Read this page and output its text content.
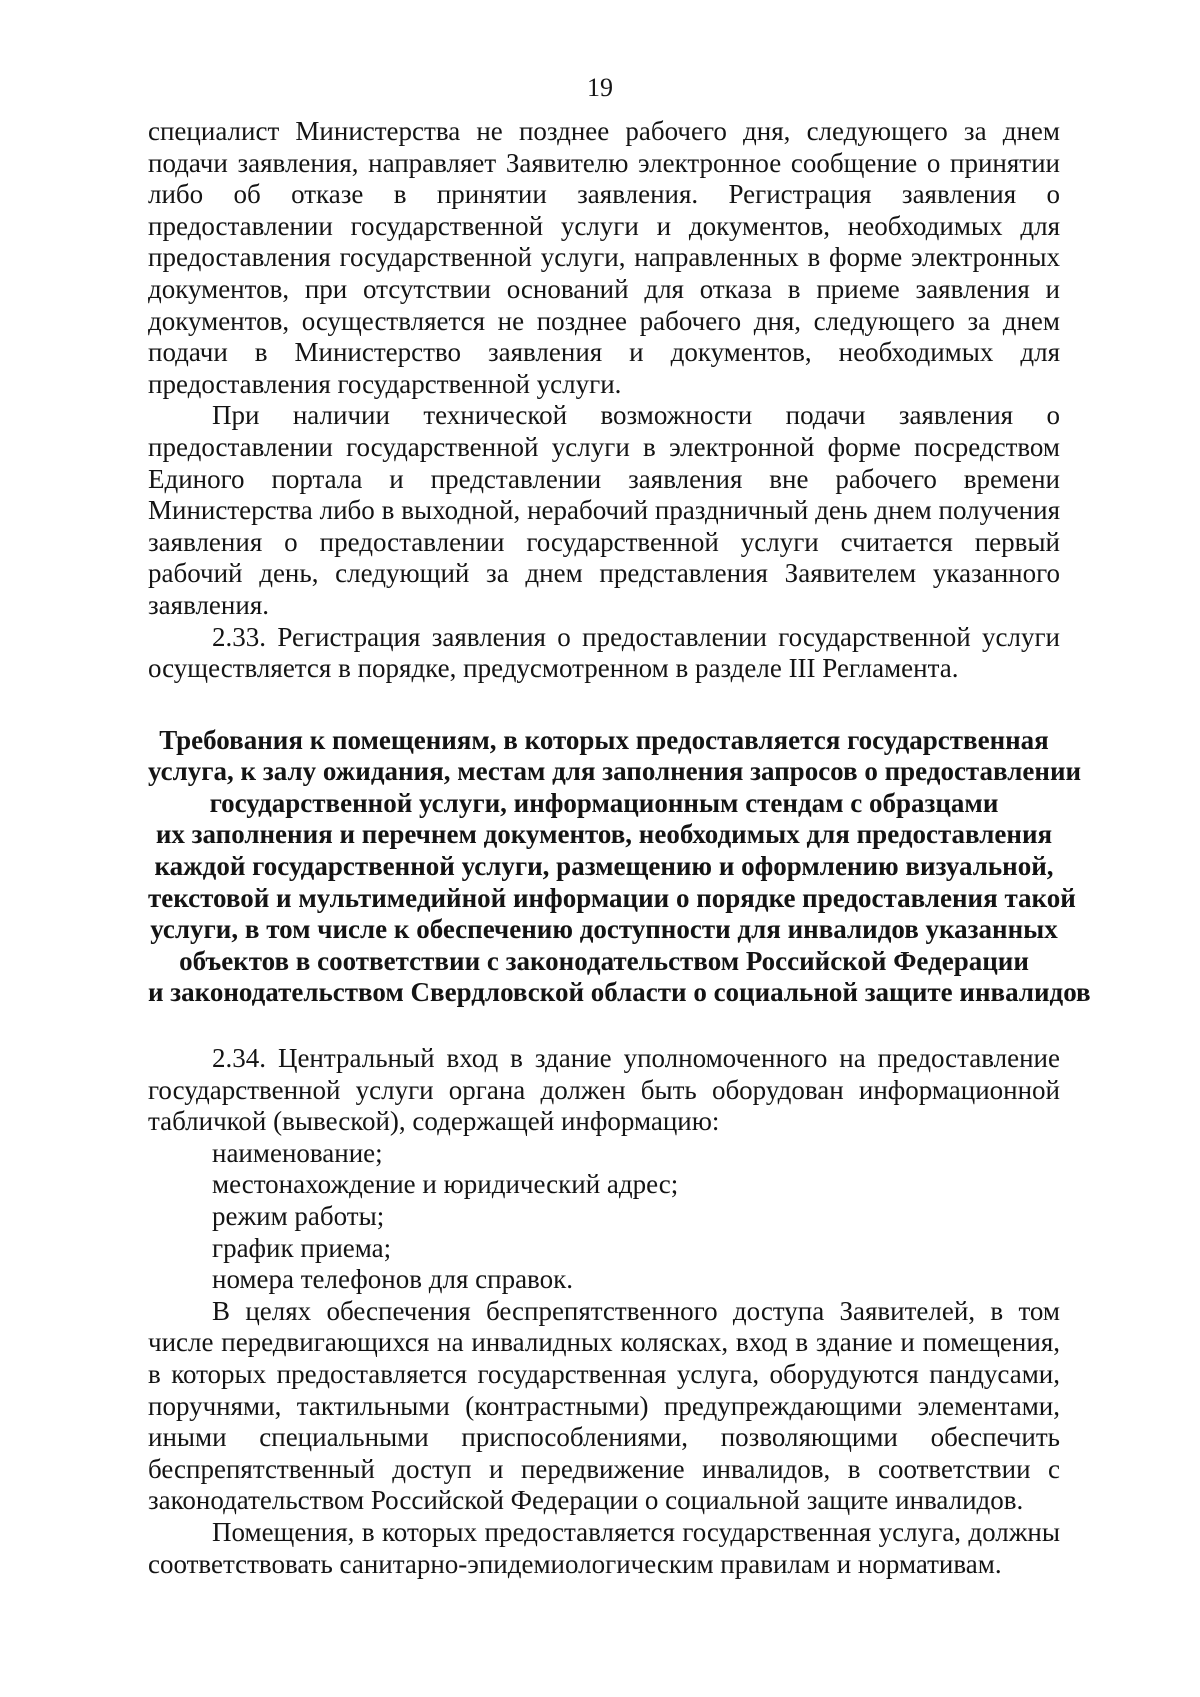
19

специалист Министерства не позднее рабочего дня, следующего за днем подачи заявления, направляет Заявителю электронное сообщение о принятии либо об отказе в принятии заявления. Регистрация заявления о предоставлении государственной услуги и документов, необходимых для предоставления государственной услуги, направленных в форме электронных документов, при отсутствии оснований для отказа в приеме заявления и документов, осуществляется не позднее рабочего дня, следующего за днем подачи в Министерство заявления и документов, необходимых для предоставления государственной услуги.

При наличии технической возможности подачи заявления о предоставлении государственной услуги в электронной форме посредством Единого портала и представлении заявления вне рабочего времени Министерства либо в выходной, нерабочий праздничный день днем получения заявления о предоставлении государственной услуги считается первый рабочий день, следующий за днем представления Заявителем указанного заявления.

2.33. Регистрация заявления о предоставлении государственной услуги осуществляется в порядке, предусмотренном в разделе III Регламента.

Требования к помещениям, в которых предоставляется государственная
услуга, к залу ожидания, местам для заполнения запросов о предоставлении
государственной услуги, информационным стендам с образцами
их заполнения и перечнем документов, необходимых для предоставления
каждой государственной услуги, размещению и оформлению визуальной,
текстовой и мультимедийной информации о порядке предоставления такой
услуги, в том числе к обеспечению доступности для инвалидов указанных
объектов в соответствии с законодательством Российской Федерации
и законодательством Свердловской области о социальной защите инвалидов

2.34. Центральный вход в здание уполномоченного на предоставление государственной услуги органа должен быть оборудован информационной табличкой (вывеской), содержащей информацию:

наименование;

местонахождение и юридический адрес;

режим работы;

график приема;

номера телефонов для справок.

В целях обеспечения беспрепятственного доступа Заявителей, в том числе передвигающихся на инвалидных колясках, вход в здание и помещения, в которых предоставляется государственная услуга, оборудуются пандусами, поручнями, тактильными (контрастными) предупреждающими элементами, иными специальными приспособлениями, позволяющими обеспечить беспрепятственный доступ и передвижение инвалидов, в соответствии с законодательством Российской Федерации о социальной защите инвалидов.

Помещения, в которых предоставляется государственная услуга, должны соответствовать санитарно-эпидемиологическим правилам и нормативам.
